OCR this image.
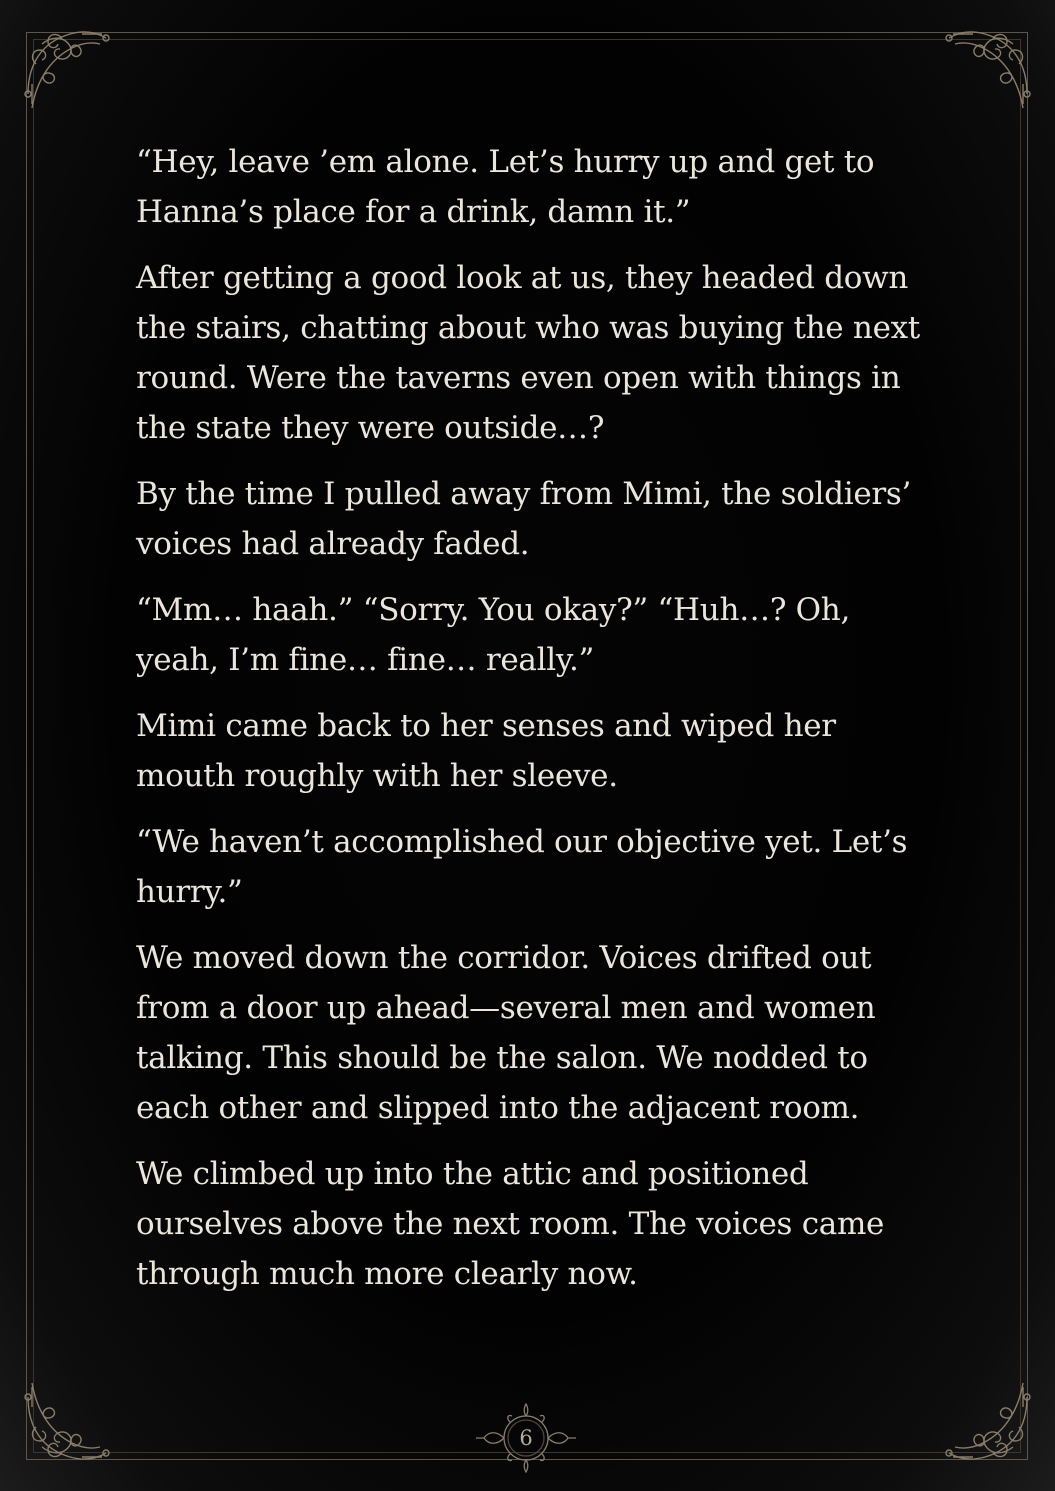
“Hey, leave ’em alone. Let’s hurry up and get to Hanna’s place for a drink, damn it.”

After getting a good look at us, they headed down the stairs, chatting about who was buying the next round. Were the taverns even open with things in the state they were outside…?

By the time I pulled away from Mimi, the soldiers’ voices had already faded.

“Mm… haah.” “Sorry. You okay?” “Huh…? Oh, yeah, I’m fine… fine… really.”

Mimi came back to her senses and wiped her mouth roughly with her sleeve.

“We haven’t accomplished our objective yet. Let’s hurry.”

We moved down the corridor. Voices drifted out from a door up ahead—several men and women talking. This should be the salon. We nodded to each other and slipped into the adjacent room.

We climbed up into the attic and positioned ourselves above the next room. The voices came through much more clearly now.

6
